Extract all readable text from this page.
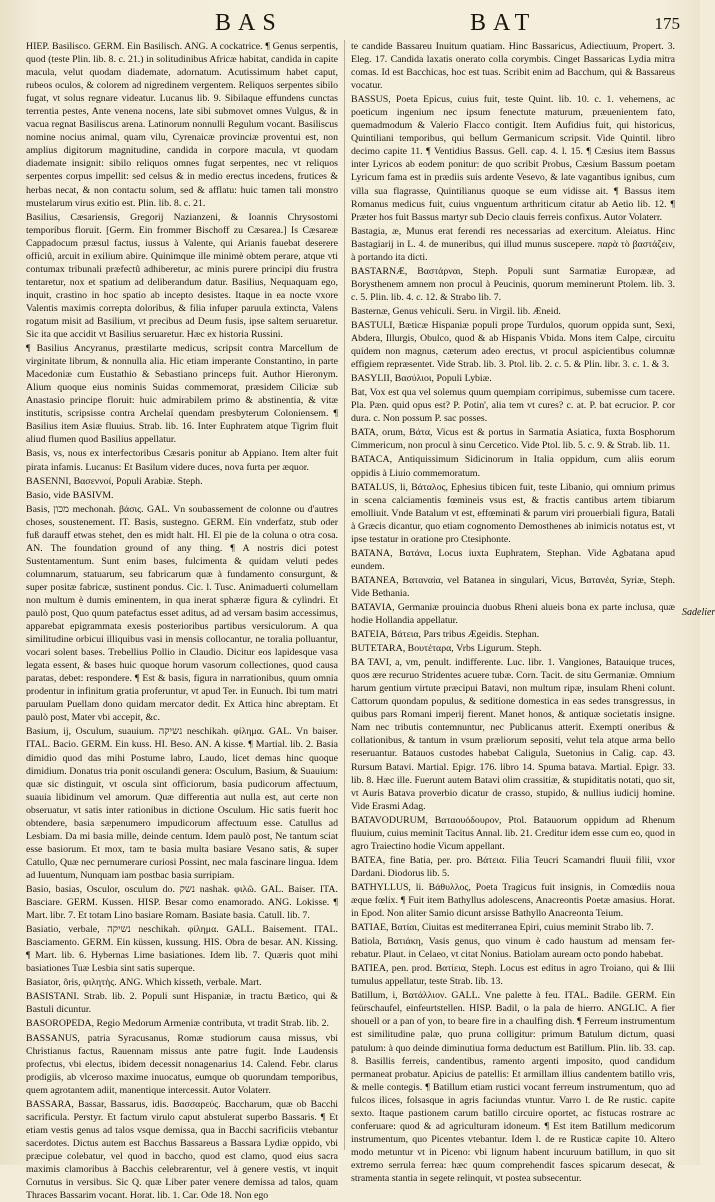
BAS	BAT	175

HIEP. Basilisco. GERM. Ein Basilisch. ANG. A cockatrice. ¶ Genus serpentis, quod (teste Plin. lib. 8. c. 21.) in solitudinibus Africæ habitat, candida in capite macula, velut quodam diademate, adornatum. Acutissimum habet caput, rubeos oculos, & colorem ad nigredinem vergentem. Reliquos serpentes sibilo fugat, vt solus regnare videatur. Lucanus lib. 9. Sibilaque effundens cunctas terrentia pestes, Ante venena nocens, late sibi submovet omnes Vulgus, & in vacua regnat Basiliscus arena. Latinorum nonnulli Regulum vocant. Basiliscus nomine nocius animal, quam vilu, Cyrenaicæ provinciæ proventui est, non amplius digitorum magnitudine, candida in corpore macula, vt quodam diademate insignit: sibilo reliquos omnes fugat serpentes, nec vt reliquos serpentes corpus impellit: sed celsus & in medio erectus incedens, frutices & herbas necat, & non contactu solum, sed & afflatu: huic tamen tali monstro mustelarum virus exitio est. Plin. lib. 8. c. 21.

Basilius, Cæsariensis, Gregorij Nazianzeni, & Ioannis Chrysostomi temporibus floruit. [Germ. Ein frommer Bischoff zu Cæsarea.] Is Cæsareæ Cappadocum præsul factus, iussus à Valente, qui Arianis fauebat deserere officiû, arcuit in exilium abire. Quinimque ille minimè obtem perare, atque vti contumax tribunali præfectû adhiberetur, ac minis purere principi diu frustra tentaretur, nox et spatium ad deliberandum datur. Basilius, Nequaquam ego, inquit, crastino in hoc spatio ab incepto desistes. Itaque in ea nocte vxore Valentis maximis correpta doloribus, & filia infuper paruula extincta, Valens rogatum misit ad Basilium, vt precibus ad Deum fusis, ipse saltem seruaretur. Sic ita que accidit vt Basilius seruaretur. Hæc ex historia Russini.

¶ Basilius Ancyranus, præstilarte medicus, scripsit contra Marcellum de virginitate librum, & nonnulla alia. Hic etiam imperante Constantino, in parte Macedoniæ cum Eustathio & Sebastiano princeps fuit. Author Hieronym. Alium quoque eius nominis Suidas commemorat, præsidem Ciliciæ sub Anastasio principe floruit: huic admirabilem primo & abstinentia, & vitæ institutis, scripsisse contra Archelaï quendam presbyterum Coloniensem. ¶ Basilius item Asiæ fluuius. Strab. lib. 16. Inter Euphratem atque Tigrim fluit aliud flumen quod Basilius appellatur.

Basis, vs, nous ex interfectoribus Cæsaris ponitur ab Appiano. Item alter fuit pirata infamis. Lucanus: Et Basilum videre duces, nova furta per æquor.

BASENNI, Βασεννοί, Populi Arabiæ. Steph.

Basio, vide BASIVM.

Basis, מכון mechonah. βάσις. GAL. Vn soubassement de colonne ou d'autres choses, soustenement. IT. Basis, sustegno. GERM. Ein vnderfatz, stub oder fuß darauff etwas stehet, den es midt halt. HI. El pie de la coluna o otra cosa. AN. The foundation ground of any thing. ¶ A nostris dici potest Sustentamentum. Sunt enim bases, fulcimenta & quidam veluti pedes columnarum, statuarum, seu fabricarum quæ à fundamento consurgunt, & super positæ fabricæ, sustinent pondus. Cic. l. Tusc. Animaduerti columellam non multum è dumis eminentem, in qua inerat sphæræ figura & cylindri. Et paulò post, Quo quum patefactus esset aditus, ad ad versam basim accessimus, apparebat epigrammata exesis posterioribus partibus versiculorum. A qua similitudine orbicui illiquibus vasi in mensis collocantur, ne toralia polluantur, vocari solent bases. Trebellius Pollio in Claudio. Dicitur eos lapidesque vasa legata essent, & bases huic quoque horum vasorum collectiones, quod causa paratas, debet: respondere. ¶ Est & basis, figura in narrationibus, quum omnia prodentur in infinitum gratia proferuntur, vt apud Ter. in Eunuch. Ibi tum matri paruulam Puellam dono quidam mercator dedit. Ex Attica hinc abreptam. Et paulò post, Mater vbi accepit, &c.

Basium, ij, Osculum, suauium. נשיקה neschikah. φίλημα. GAL. Vn baiser. ITAL. Bacio. GERM. Ein kuss. HI. Beso. AN. A kisse. ¶ Martial. lib. 2. Basia dimidio quod das mihi Postume labro, Laudo, licet demas hinc quoque dimidium. Donatus tria ponit osculandi genera: Osculum, Basium, & Suauium: quæ sic distinguit, vt oscula sint officiorum, basia pudicorum affectuum, suauia libidinum vel amorum. Quæ differentia aut nulla est, aut certe non obseruatur, vt satis inter rationibus in dictione Osculum. Hic satis fuerit hoc obtendere, basia sæpenumero impudicorum affectuum esse. Catullus ad Lesbiam. Da mi basia mille, deinde centum. Idem paulò post, Ne tantum sciat esse basiorum. Et mox, tam te basia multa basiare Vesano satis, & super Catullo, Quæ nec pernumerare curiosi Possint, nec mala fascinare lingua. Idem ad Iuuentum, Nunquam iam postbac basia surripiam.

Basio, basias, Osculor, osculum do. נשק nashak. φιλῶ. GAL. Baiser. ITA. Basciare. GERM. Kussen. HISP. Besar como enamorado. ANG. Lokisse. ¶ Mart. libr. 7. Et totam Lino basiare Romam. Basiate basia. Catull. lib. 7.

Basiatio, verbale, נשיקה neschikah. φίλημα. GALL. Baisement. ITAL. Basciamento. GERM. Ein küssen, kussung. HIS. Obra de besar. AN. Kissing. ¶ Mart. lib. 6. Hybernas Lime basiationes. Idem lib. 7. Quæris quot mihi basiationes Tuæ Lesbia sint satis superque.

Basiator, ôris, φιλητὴς. ANG. Which kisseth, verbale. Mart.

BASISTANI. Strab. lib. 2. Populi sunt Hispaniæ, in tractu Bætico, qui & Bastuli dicuntur.

BASOROPEDA, Regio Medorum Armeniæ contributa, vt tradit Strab. lib. 2.

BASSANUS, patria Syracusanus, Romæ studiorum causa missus, vbi Christianus factus, Rauennam missus ante patre fugit. Inde Laudensis profectus, vbi electus, ibidem decessit nonagenarius 14. Calend. Febr. clarus prodigiis, ab vlceroso maxime inuocatus, eumque ob quorundam temporibus, quem agrotantem adiit, manentique intercessit. Autor Volaterr.

BASSARA, Bassar, Bassarus, idis. Βασσαρεύς. Baccharum, quæ ob Bacchi sacrificula. Perstyr. Et factum virulo caput abstulerat superbo Bassaris. ¶ Et etiam vestis genus ad talos vsque demissa, qua in Bacchi sacrificiis vtebantur sacerdotes. Dictus autem est Bacchus Bassareus a Bassara Lydiæ oppido, vbi præcipue colebatur, vel quod in baccho, quod est clamo, quod eius sacra maximis clamoribus à Bacchis celebrarentur, vel à genere vestis, vt inquit Cornutus in versibus. Sic Q. quæ Liber pater venere demissa ad talos, quam Thraces Bassarim vocant. Horat. lib. 1. Car. Ode 18. Non ego

te candide Bassareu Inuitum quatiam. Hinc Bassaricus, Adiectiuum, Propert. 3. Eleg. 17. Candida laxatis onerato colla corymbis. Cinget Bassaricas Lydia mitra comas. Id est Bacchicas, hoc est tuas. Scribit enim ad Bacchum, qui & Bassareus vocatur.

BASSUS, Poeta Epicus, cuius fuit, teste Quint. lib. 10. c. 1. vehemens, ac poeticum ingenium nec ipsum fenectute maturum, præuenientem fato, quemadmodum & Valerio Flacco contigit. Item Aufidius fuit, qui historicus, Quintiliani temporibus, qui bellum Germanicum scripsit. Vide Quintil. libro decimo capite 11. ¶ Ventidius Bassus. Gell. cap. 4. l. 15. ¶ Cæsius item Bassus inter Lyricos ab eodem ponitur: de quo scribit Probus, Cæsium Bassum poetam Lyricum fama est in prædiis suis ardente Vesevo, & late vagantibus ignibus, cum villa sua flagrasse, Quintilianus quoque se eum vidisse ait. ¶ Bassus item Romanus medicus fuit, cuius vnguentum arthriticum citatur ab Aetio lib. 12. ¶ Præter hos fuit Bassus martyr sub Decio clauis ferreis confixus. Autor Volaterr.

Bastagia, æ, Munus erat ferendi res necessarias ad exercitum. Aleiatus. Hinc Bastagiarij in L. 4. de muneribus, qui illud munus suscepere. παρὰ τὸ βαστάζειν, à portando ita dicti.

BASTARNÆ, Βαστάρναι, Steph. Populi sunt Sarmatiæ Europææ, ad Borysthenem amnem non procul à Peucinis, quorum meminerunt Ptolem. lib. 3. c. 5. Plin. lib. 4. c. 12. & Strabo lib. 7.

Basternæ, Genus vehiculi. Seru. in Virgil. lib. Æneid.

BASTULI, Bæticæ Hispaniæ populi prope Turdulos, quorum oppida sunt, Sexi, Abdera, Illurgis, Obulco, quod & ab Hispanis Vbida. Mons item Calpe, circuitu quidem non magnus, cæterum adeo erectus, vt procul aspicientibus columnæ effigiem repræsentet. Vide Strab. lib. 3. Ptol. lib. 2. c. 5. & Plin. libr. 3. c. 1. & 3.

BASYLII, Βασύλιοι, Populi Lybiæ.

Bat, Vox est qua vel solemus quum quempiam corripimus, subemisse cum tacere. Pla. Pæn. quid opus est? P. Potin', alia tem vt cures? c. at. P. bat ecrucior. P. cor dura. c. Non possum P. sac posses.

BATA, orum, Βάτα, Vicus est & portus in Sarmatia Asiatica, fuxta Bosphorum Cimmericum, non procul à sinu Cercetico. Vide Ptol. lib. 5. c. 9. & Strab. lib. 11.

BATACA, Antiquissimum Sidicinorum in Italia oppidum, cum aliis eorum oppidis à Liuio commemoratum.

BATALUS, li, Βάταλος, Ephesius tibicen fuit, teste Libanio, qui omnium primus in scena calciamentis fœmineis vsus est, & fractis cantibus artem tibiarum emolliuit. Vnde Batalum vt est, effœminati & parum viri prouerbiali figura, Batali à Græcis dicantur, quo etiam cognomento Demosthenes ab inimicis notatus est, vt ipse testatur in oratione pro Ctesiphonte.

BATANA, Βατάνα, Locus iuxta Euphratem, Stephan. Vide Agbatana apud eundem.

BATANEA, Βαταναία, vel Batanea in singulari, Vicus, Βατανέα, Syriæ, Steph. Vide Bethania.

BATAVIA, Germaniæ prouincia duobus Rheni alueis bona ex parte inclusa, quæ hodie Hollandia appellatur.

BATEIA, Βάτεια, Pars tribus Ægeidis. Stephan.

BUTETARA, Βουτέταρα, Vrbs Ligurum. Steph.

BA TAVI, a, vm, penult. indifferente. Luc. libr. 1. Vangiones, Batauique truces, quos ære recuruo Stridentes acuere tubæ. Corn. Tacit. de situ Germaniæ. Omnium harum gentium virtute præcipui Batavi, non multum ripæ, insulam Rheni colunt. Cattorum quondam populus, & seditione domestica in eas sedes transgressus, in quibus pars Romani imperij fierent. Manet honos, & antiquæ societatis insigne. Nam nec tributis contemnuntur, nec Publicanus atterit. Exempti oneribus & collationibus, & tantum in vsum præliorum sepositi, velut tela atque arma bello reseruantur. Batauos custodes habebat Caligula, Suetonius in Calig. cap. 43. Rursum Batavi. Martial. Epigr. 176. libro 14. Spuma batava. Martial. Epigr. 33. lib. 8. Hæc ille. Fuerunt autem Batavi olim crassitiæ, & stupiditatis notati, quo sit, vt Auris Batava proverbio dicatur de crasso, stupido, & nullius iudicij homine. Vide Erasmi Adag.

BATAVODURUM, Βαταουόδουρον, Ptol. Batauorum oppidum ad Rhenum fluuium, cuius meminit Tacitus Annal. lib. 21. Creditur idem esse cum eo, quod in agro Traiectino hodie Vicum appellant.

BATEA, fine Batia, per. pro. Βάτεια. Filia Teucri Scamandri fluuii filii, vxor Dardani. Diodorus lib. 5.

BATHYLLUS, li. Βάθυλλος, Poeta Tragicus fuit insignis, in Comœdiis noua æque fœlix. ¶ Fuit item Bathyllus adolescens, Anacreontis Poetæ amasius. Horat. in Epod. Non aliter Samio dicunt arsisse Bathyllo Anacreonta Teium.

BATIAE, Βατίαι, Ciuitas est mediterranea Epiri, cuius meminit Strabo lib. 7.

Batiola, Βατιάκη, Vasis genus, quo vinum è cado haustum ad mensam fer- rebatur. Plaut. in Celaeo, vt citat Nonius. Batiolam auream octo pondo habebat.

BATIEA, pen. prod. Βατίεια, Steph. Locus est editus in agro Troiano, qui & Ilii tumulus appellatur, teste Strab. lib. 13.

Batillum, i, Βατάλλιον. GALL. Vne palette à feu. ITAL. Badile. GERM. Ein feürschaufel, einfeurtstellen. HISP. Badil, o la pala de hierro. ANGLIC. A fier shouell or a pan of yon, to beare fire in a chaulfing dish. ¶ Ferreum instrumentum est similitudine palæ, quo pruna colligitur: primum Batulum dictum, quasi patulum: à quo deinde diminutiua forma deductum est Batillum. Plin. lib. 33. cap. 8. Basillis ferreis, candentibus, ramento argenti imposito, quod candidum permaneat probatur. Apicius de patellis: Et armillam illius candentem batillo vris, & melle contegis. ¶ Batillum etiam rustici vocant ferreum instrumentum, quo ad fulcos ilices, folsasque in agris faciundas vtuntur. Varro l. de Re rustic. capite sexto. Itaque pastionem carum batillo circuire oportet, ac fistucas rostrare ac conferuare: quod & ad agriculturam idoneum. ¶ Est item Batillum medicorum instrumentum, quo Picentes vtebantur. Idem l. de re Rusticæ capite 10. Altero modo metuntur vt in Piceno: vbi lignum habent incuruum batillum, in quo sit extremo serrula ferrea: hæc quum comprehendit fasces spicarum desecat, & stramenta stantia in segete relinquit, vt postea subsecentur.

Sadelier
